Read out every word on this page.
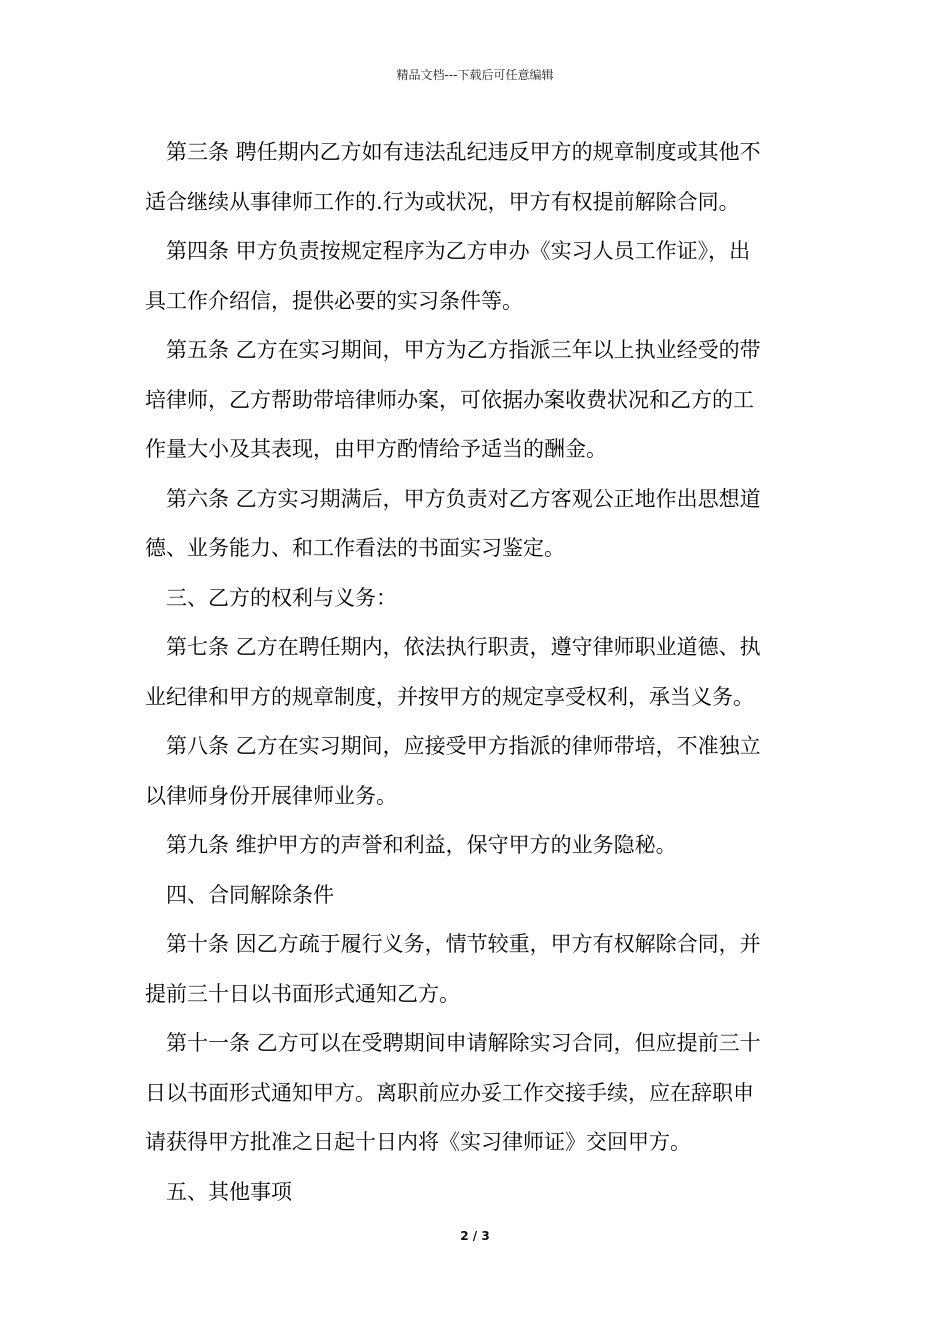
精品文档---下载后可任意编辑
第三条 聘任期内乙方如有违法乱纪违反甲方的规章制度或其他不
适合继续从事律师工作的.行为或状况，甲方有权提前解除合同。
第四条 甲方负责按规定程序为乙方申办《实习人员工作证》，出
具工作介绍信，提供必要的实习条件等。
第五条 乙方在实习期间，甲方为乙方指派三年以上执业经受的带
培律师，乙方帮助带培律师办案，可依据办案收费状况和乙方的工
作量大小及其表现，由甲方酌情给予适当的酬金。
第六条 乙方实习期满后，甲方负责对乙方客观公正地作出思想道
德、业务能力、和工作看法的书面实习鉴定。
三、乙方的权利与义务：
第七条 乙方在聘任期内，依法执行职责，遵守律师职业道德、执
业纪律和甲方的规章制度，并按甲方的规定享受权利，承当义务。
第八条 乙方在实习期间，应接受甲方指派的律师带培，不准独立
以律师身份开展律师业务。
第九条 维护甲方的声誉和利益，保守甲方的业务隐秘。
四、合同解除条件
第十条 因乙方疏于履行义务，情节较重，甲方有权解除合同，并
提前三十日以书面形式通知乙方。
第十一条 乙方可以在受聘期间申请解除实习合同，但应提前三十
日以书面形式通知甲方。离职前应办妥工作交接手续，应在辞职申
请获得甲方批准之日起十日内将《实习律师证》交回甲方。
五、其他事项
2 / 3
